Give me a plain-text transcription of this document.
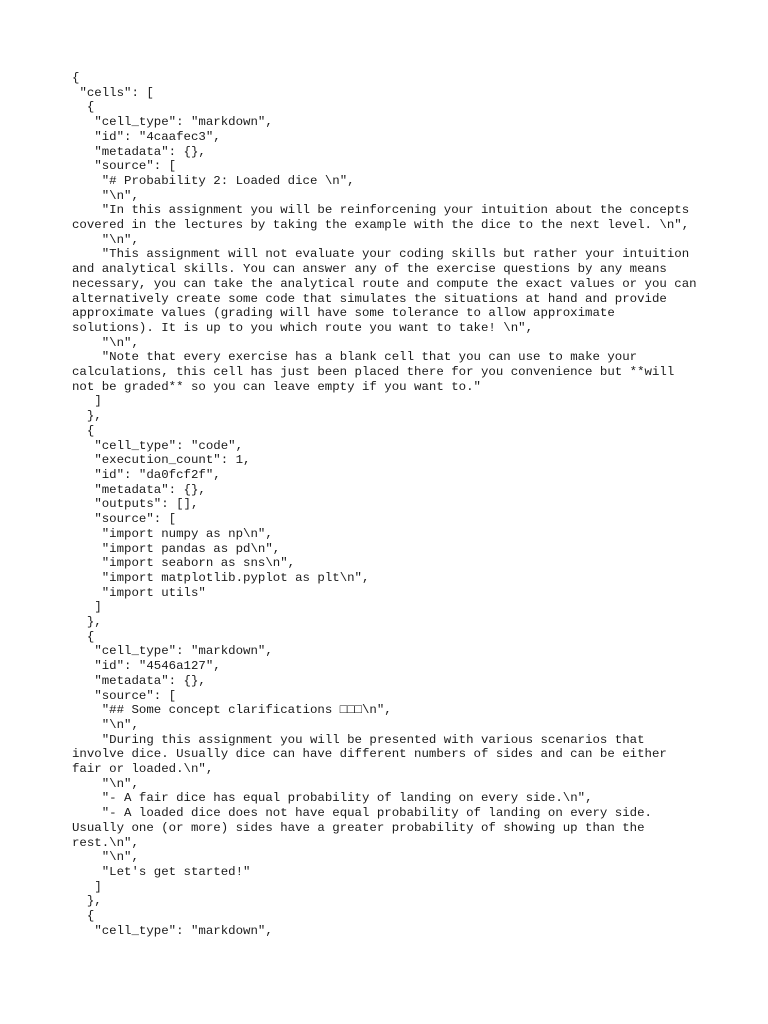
{
"cells": [
{
"cell_type": "markdown",
"id": "4caafec3",
"metadata": {},
"source": [
"# Probability 2: Loaded dice \n",
"\n",
"In this assignment you will be reinforcening your intuition about the concepts covered in the lectures by taking the example with the dice to the next level. \n",
"\n",
"This assignment will not evaluate your coding skills but rather your intuition and analytical skills. You can answer any of the exercise questions by any means necessary, you can take the analytical route and compute the exact values or you can alternatively create some code that simulates the situations at hand and provide approximate values (grading will have some tolerance to allow approximate solutions). It is up to you which route you want to take! \n",
"\n",
"Note that every exercise has a blank cell that you can use to make your calculations, this cell has just been placed there for you convenience but **will not be graded** so you can leave empty if you want to."
]
},
{
"cell_type": "code",
"execution_count": 1,
"id": "da0fcf2f",
"metadata": {},
"outputs": [],
"source": [
"import numpy as np\n",
"import pandas as pd\n",
"import seaborn as sns\n",
"import matplotlib.pyplot as plt\n",
"import utils"
]
},
{
"cell_type": "markdown",
"id": "4546a127",
"metadata": {},
"source": [
"## Some concept clarifications □□□\n",
"\n",
"During this assignment you will be presented with various scenarios that involve dice. Usually dice can have different numbers of sides and can be either fair or loaded.\n",
"\n",
"- A fair dice has equal probability of landing on every side.\n",
"- A loaded dice does not have equal probability of landing on every side. Usually one (or more) sides have a greater probability of showing up than the rest.\n",
"\n",
"Let's get started!"
]
},
{
"cell_type": "markdown",
